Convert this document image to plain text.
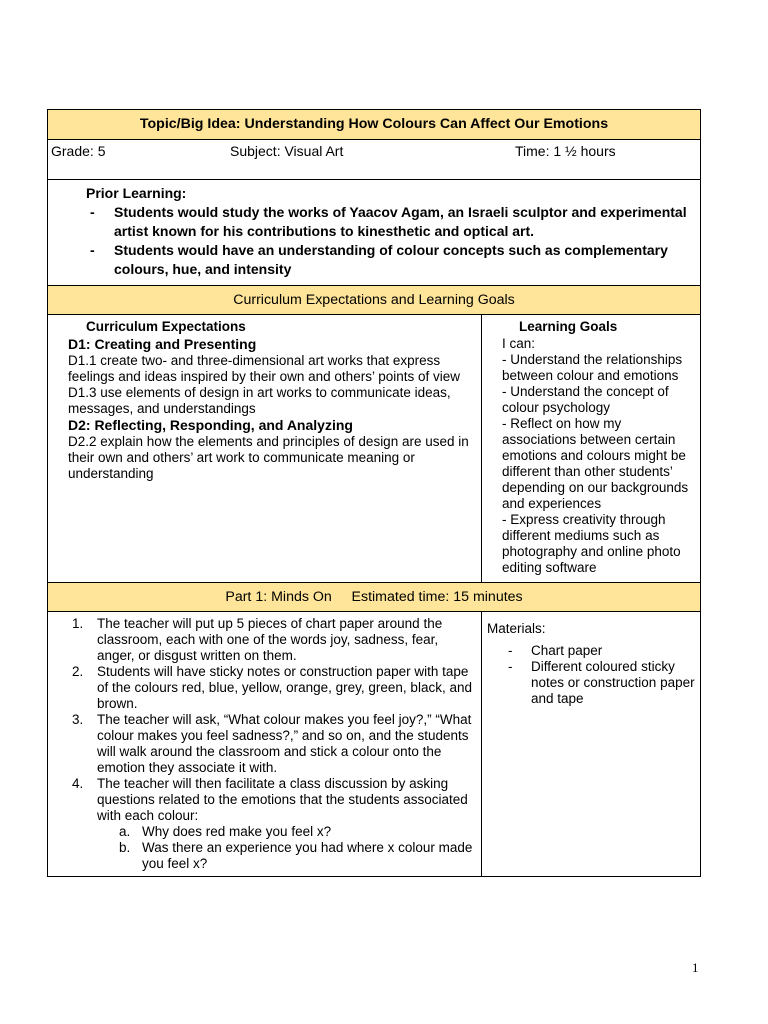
Topic/Big Idea: Understanding How Colours Can Affect Our Emotions
Grade: 5	Subject: Visual Art	Time: 1 ½ hours
Prior Learning:
- Students would study the works of Yaacov Agam, an Israeli sculptor and experimental artist known for his contributions to kinesthetic and optical art.
- Students would have an understanding of colour concepts such as complementary colours, hue, and intensity
Curriculum Expectations and Learning Goals
Curriculum Expectations
D1: Creating and Presenting
D1.1 create two- and three-dimensional art works that express feelings and ideas inspired by their own and others’ points of view
D1.3 use elements of design in art works to communicate ideas, messages, and understandings
D2: Reflecting, Responding, and Analyzing
D2.2 explain how the elements and principles of design are used in their own and others’ art work to communicate meaning or understanding
Learning Goals
I can:
- Understand the relationships between colour and emotions
- Understand the concept of colour psychology
- Reflect on how my associations between certain emotions and colours might be different than other students’ depending on our backgrounds and experiences
- Express creativity through different mediums such as photography and online photo editing software
Part 1: Minds On Estimated time: 15 minutes
1. The teacher will put up 5 pieces of chart paper around the classroom, each with one of the words joy, sadness, fear, anger, or disgust written on them.
2. Students will have sticky notes or construction paper with tape of the colours red, blue, yellow, orange, grey, green, black, and brown.
3. The teacher will ask, “What colour makes you feel joy?,” “What colour makes you feel sadness?,” and so on, and the students will walk around the classroom and stick a colour onto the emotion they associate it with.
4. The teacher will then facilitate a class discussion by asking questions related to the emotions that the students associated with each colour:
a. Why does red make you feel x?
b. Was there an experience you had where x colour made you feel x?
Materials:
- Chart paper
- Different coloured sticky notes or construction paper and tape
1
